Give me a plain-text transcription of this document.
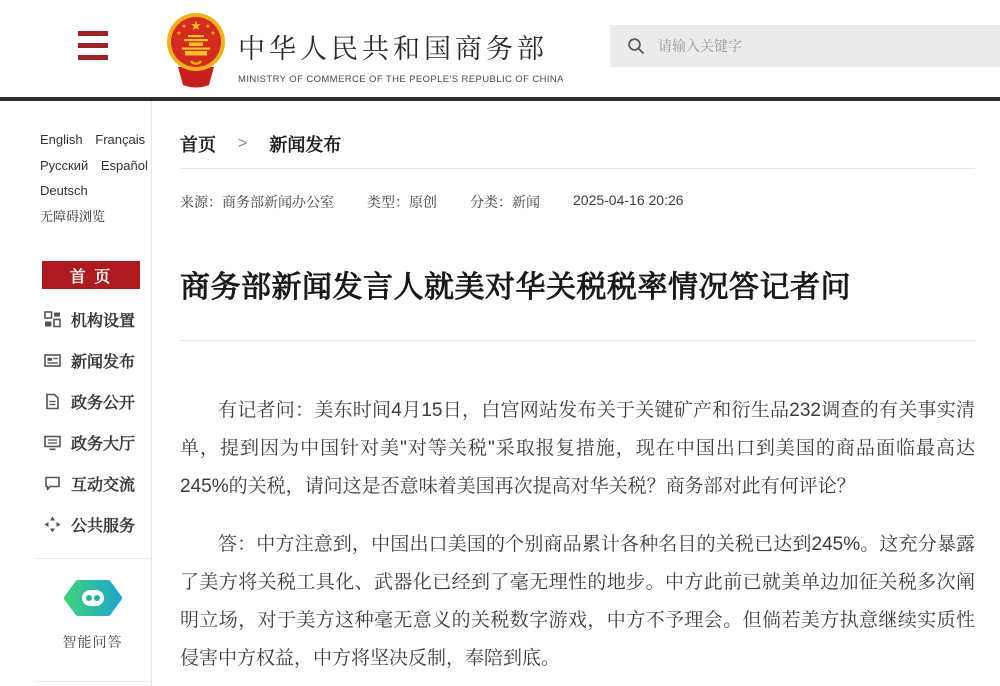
★
★	★
★	★ 中华人民共和国商务部
MINISTRY OF COMMERCE OF THE PEOPLE'S REPUBLIC OF CHINA
请输入关键字
English Français
Русский Español
Deutsch
无障碍浏览
首 页
机构设置
新闻发布
政务公开
政务大厅
互动交流
公共服务
智能问答
首页 > 新闻发布
来源：商务部新闻办公室 类型：原创 分类：新闻 2025-04-16 20:26
商务部新闻发言人就美对华关税税率情况答记者问

有记者问：美东时间4月15日，白宫网站发布关于关键矿产和衍生品232调查的有关事实清单，提到因为中国针对美"对等关税"采取报复措施，现在中国出口到美国的商品面临最高达245%的关税，请问这是否意味着美国再次提高对华关税？商务部对此有何评论？

答：中方注意到，中国出口美国的个别商品累计各种名目的关税已达到245%。这充分暴露了美方将关税工具化、武器化已经到了毫无理性的地步。中方此前已就美单边加征关税多次阐明立场，对于美方这种毫无意义的关税数字游戏，中方不予理会。但倘若美方执意继续实质性侵害中方权益，中方将坚决反制，奉陪到底。
